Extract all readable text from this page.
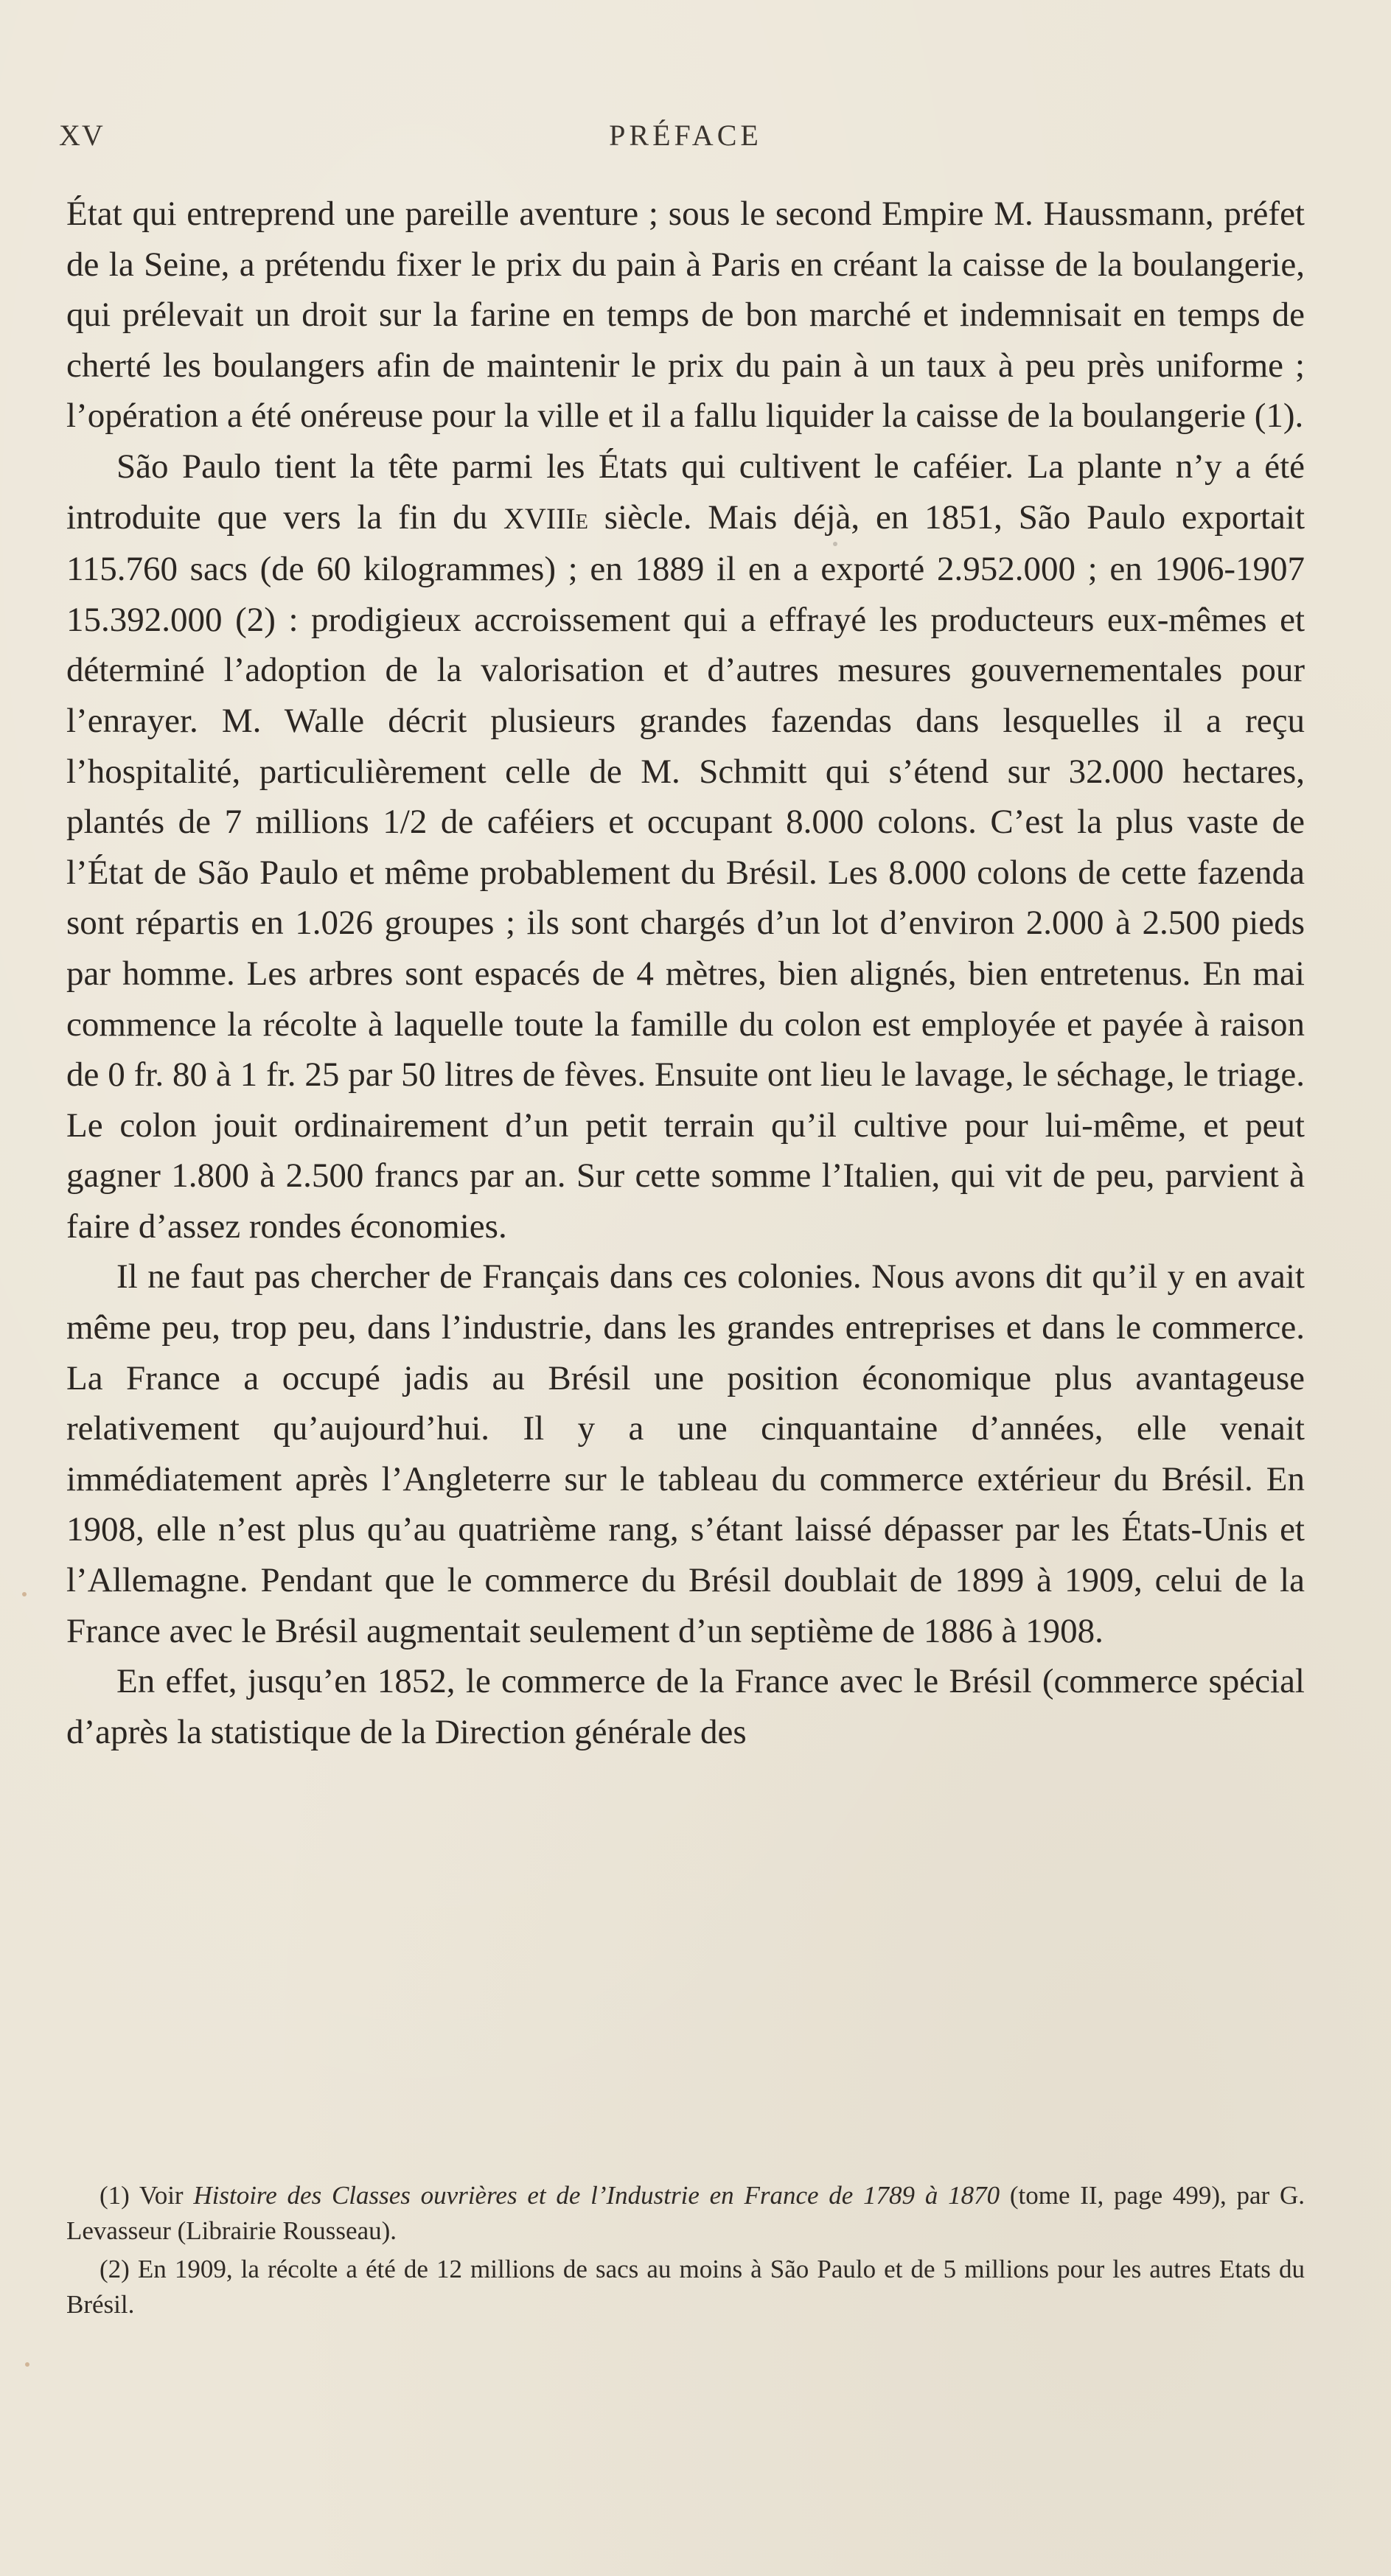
XV	PRÉFACE

État qui entreprend une pareille aventure ; sous le second Empire M. Haussmann, préfet de la Seine, a prétendu fixer le prix du pain à Paris en créant la caisse de la boulangerie, qui prélevait un droit sur la farine en temps de bon marché et indemnisait en temps de cherté les boulangers afin de maintenir le prix du pain à un taux à peu près uniforme ; l’opération a été onéreuse pour la ville et il a fallu liquider la caisse de la boulangerie (1).

São Paulo tient la tête parmi les États qui cultivent le caféier. La plante n’y a été introduite que vers la fin du XVIIIe siècle. Mais déjà, en 1851, São Paulo exportait 115.760 sacs (de 60 kilogrammes) ; en 1889 il en a exporté 2.952.000 ; en 1906-1907 15.392.000 (2) : prodigieux accroissement qui a effrayé les producteurs eux-mêmes et déterminé l’adoption de la valorisation et d’autres mesures gouvernementales pour l’enrayer. M. Walle décrit plusieurs grandes fazendas dans lesquelles il a reçu l’hospitalité, particulièrement celle de M. Schmitt qui s’étend sur 32.000 hectares, plantés de 7 millions 1/2 de caféiers et occupant 8.000 colons. C’est la plus vaste de l’État de São Paulo et même probablement du Brésil. Les 8.000 colons de cette fazenda sont répartis en 1.026 groupes ; ils sont chargés d’un lot d’environ 2.000 à 2.500 pieds par homme. Les arbres sont espacés de 4 mètres, bien alignés, bien entretenus. En mai commence la récolte à laquelle toute la famille du colon est employée et payée à raison de 0 fr. 80 à 1 fr. 25 par 50 litres de fèves. Ensuite ont lieu le lavage, le séchage, le triage. Le colon jouit ordinairement d’un petit terrain qu’il cultive pour lui-même, et peut gagner 1.800 à 2.500 francs par an. Sur cette somme l’Italien, qui vit de peu, parvient à faire d’assez rondes économies.

Il ne faut pas chercher de Français dans ces colonies. Nous avons dit qu’il y en avait même peu, trop peu, dans l’industrie, dans les grandes entreprises et dans le commerce. La France a occupé jadis au Brésil une position économique plus avantageuse relativement qu’aujourd’hui. Il y a une cinquantaine d’années, elle venait immédiatement après l’Angleterre sur le tableau du commerce extérieur du Brésil. En 1908, elle n’est plus qu’au quatrième rang, s’étant laissé dépasser par les États-Unis et l’Allemagne. Pendant que le commerce du Brésil doublait de 1899 à 1909, celui de la France avec le Brésil augmentait seulement d’un septième de 1886 à 1908.

En effet, jusqu’en 1852, le commerce de la France avec le Brésil (commerce spécial d’après la statistique de la Direction générale des

(1) Voir Histoire des Classes ouvrières et de l’Industrie en France de 1789 à 1870 (tome II, page 499), par G. Levasseur (Librairie Rousseau).

(2) En 1909, la récolte a été de 12 millions de sacs au moins à São Paulo et de 5 millions pour les autres Etats du Brésil.
